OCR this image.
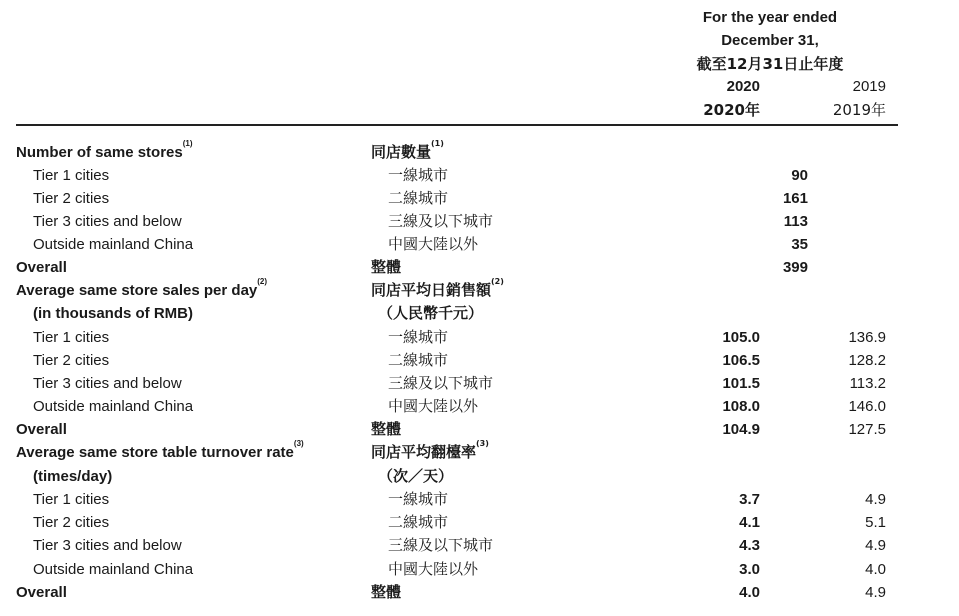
For the year ended
December 31,
截至12月31日止年度
2020	2019
2020年	2019年
Number of same stores$^{(1)}$	同店數量$^{(1)}$
Tier 1 cities	一線城市	90
Tier 2 cities	二線城市	161
Tier 3 cities and below	三線及以下城市	113
Outside mainland China	中國大陸以外	35
Overall	整體	399
Average same store sales per day$^{(2)}$	同店平均日銷售額$^{(2)}$
(in thousands of RMB)	（人民幣千元）
Tier 1 cities	一線城市	105.0	136.9
Tier 2 cities	二線城市	106.5	128.2
Tier 3 cities and below	三線及以下城市	101.5	113.2
Outside mainland China	中國大陸以外	108.0	146.0
Overall	整體	104.9	127.5
Average same store table turnover rate$^{(3)}$	同店平均翻檯率$^{(3)}$
(times/day)	（次／天）
Tier 1 cities	一線城市	3.7	4.9
Tier 2 cities	二線城市	4.1	5.1
Tier 3 cities and below	三線及以下城市	4.3	4.9
Outside mainland China	中國大陸以外	3.0	4.0
Overall	整體	4.0	4.9
